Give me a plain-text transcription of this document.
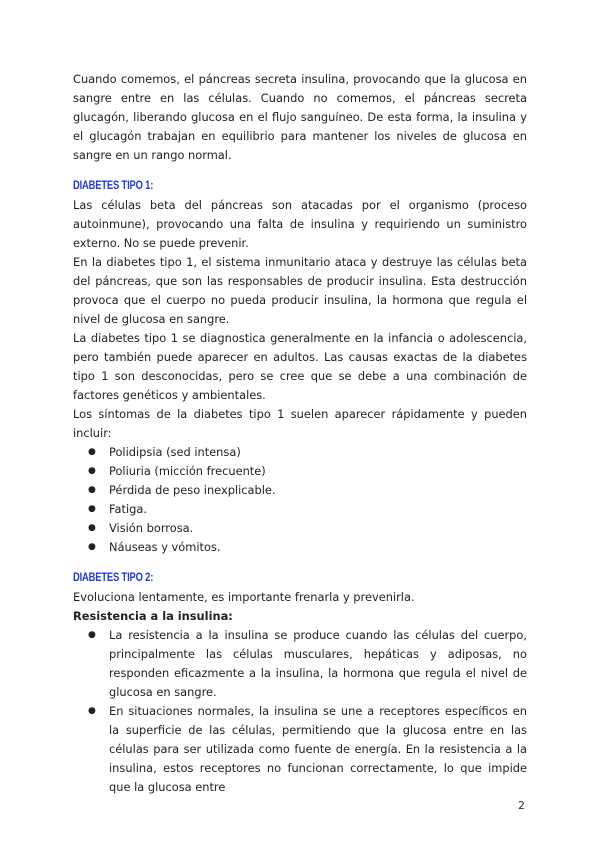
Cuando comemos, el páncreas secreta insulina, provocando que la glucosa en sangre entre en las células. Cuando no comemos, el páncreas secreta glucagón, liberando glucosa en el flujo sanguíneo. De esta forma, la insulina y el glucagón trabajan en equilibrio para mantener los niveles de glucosa en sangre en un rango normal.

DIABETES TIPO 1:

Las células beta del páncreas son atacadas por el organismo (proceso autoinmune), provocando una falta de insulina y requiriendo un suministro externo. No se puede prevenir.

En la diabetes tipo 1, el sistema inmunitario ataca y destruye las células beta del páncreas, que son las responsables de producir insulina. Esta destrucción provoca que el cuerpo no pueda producir insulina, la hormona que regula el nivel de glucosa en sangre.

La diabetes tipo 1 se diagnostica generalmente en la infancia o adolescencia, pero también puede aparecer en adultos. Las causas exactas de la diabetes tipo 1 son desconocidas, pero se cree que se debe a una combinación de factores genéticos y ambientales.

Los síntomas de la diabetes tipo 1 suelen aparecer rápidamente y pueden incluir:

● Polidipsia (sed intensa)
● Poliuria (micción frecuente)
● Pérdida de peso inexplicable.
● Fatiga.
● Visión borrosa.
● Náuseas y vómitos.
DIABETES TIPO 2:

Evoluciona lentamente, es importante frenarla y prevenirla.

Resistencia a la insulina:

● La resistencia a la insulina se produce cuando las células del cuerpo, principalmente las células musculares, hepáticas y adiposas, no responden eficazmente a la insulina, la hormona que regula el nivel de glucosa en sangre.
● En situaciones normales, la insulina se une a receptores específicos en la superficie de las células, permitiendo que la glucosa entre en las células para ser utilizada como fuente de energía. En la resistencia a la insulina, estos receptores no funcionan correctamente, lo que impide que la glucosa entre
2
